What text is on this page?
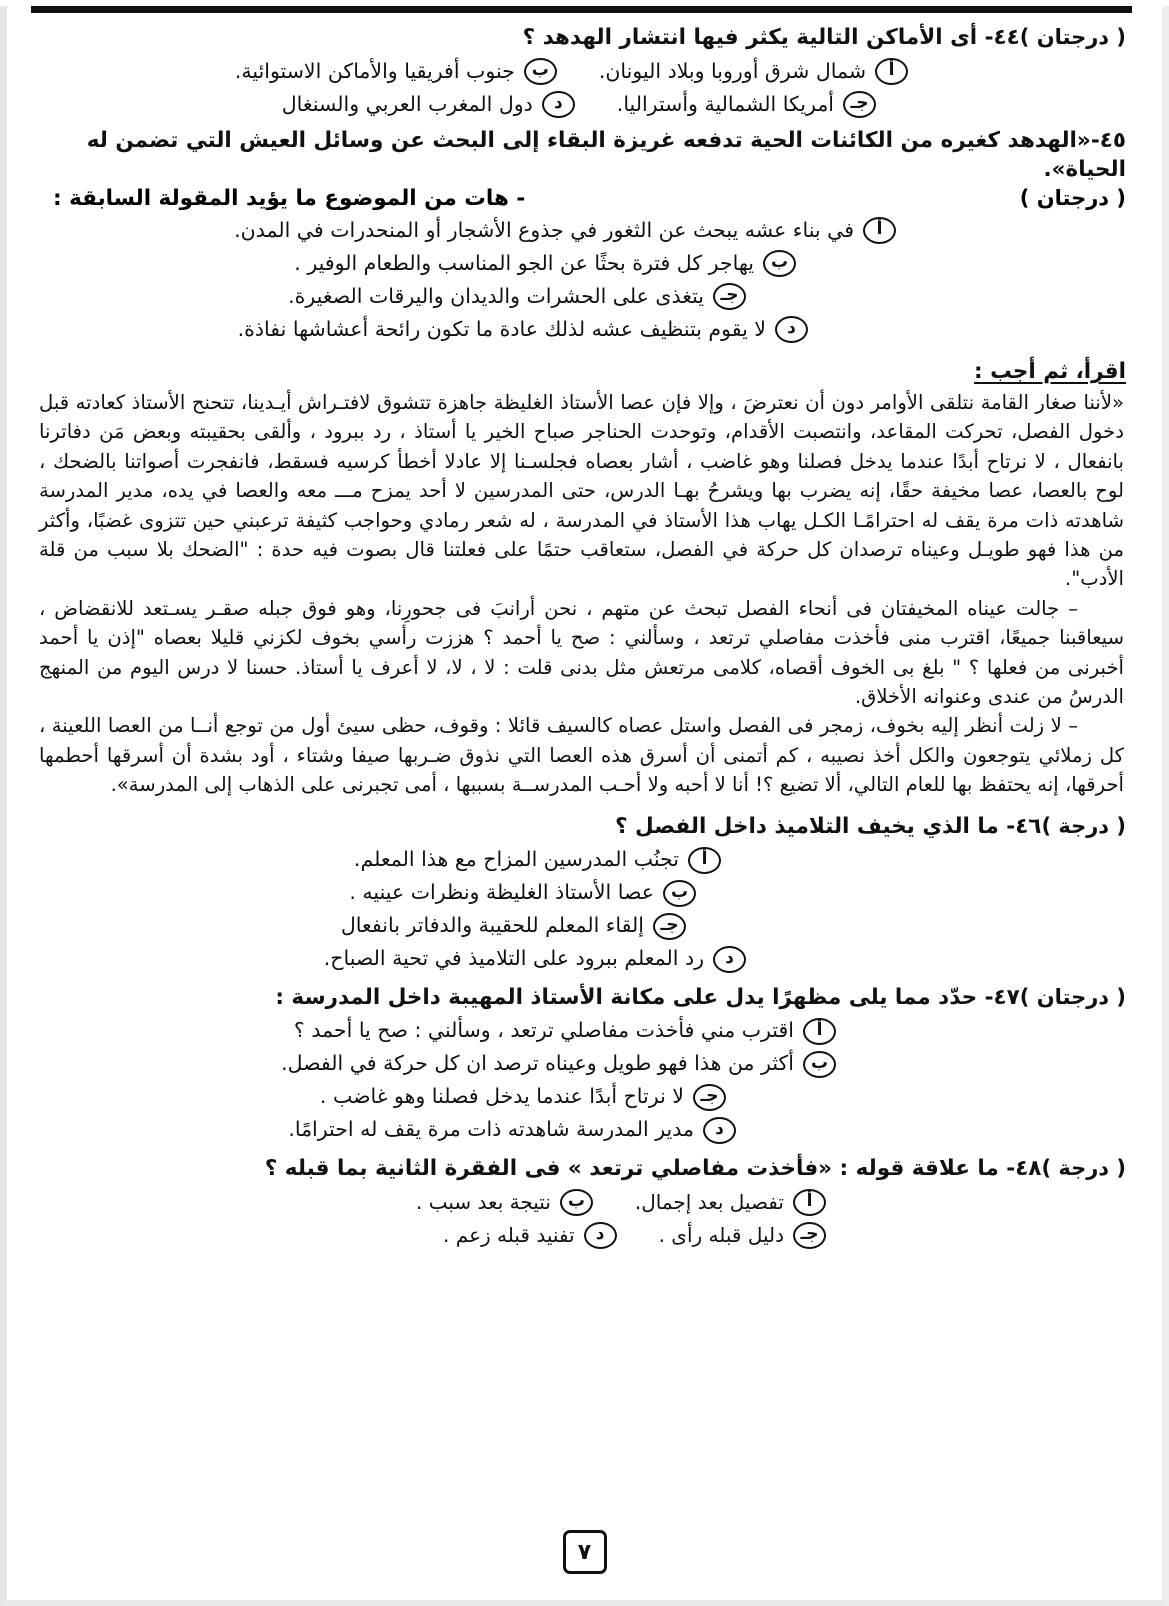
٤٤- أى الأماكن التالية يكثر فيها انتشار الهدهد ؟ ( درجتان )
أ
شمال شرق أوروبا وبلاد اليونان.
ب
جنوب أفريقيا والأماكن الاستوائية.
جـ
أمريكا الشمالية وأستراليا.
د
دول المغرب العربي والسنغال
٤٥-«الهدهد كغيره من الكائنات الحية تدفعه غريزة البقاء إلى البحث عن وسائل العيش التي تضمن له الحياة».
- هات من الموضوع ما يؤيد المقولة السابقة :	( درجتان )
أ
في بناء عشه يبحث عن الثغور في جذوع الأشجار أو المنحدرات في المدن.
ب
يهاجر كل فترة بحثًا عن الجو المناسب والطعام الوفير .
جـ
يتغذى على الحشرات والديدان واليرقات الصغيرة.
د
لا يقوم بتنظيف عشه لذلك عادة ما تكون رائحة أعشاشها نفاذة.
اقرأ، ثم أجب :

«لأننا صغار القامة نتلقى الأوامر دون أن نعترضَ ، وإلا فإن عصا الأستاذ الغليظة جاهزة تتشوق لافتـراش أيـدينا، تتحنح الأستاذ كعادته قبل دخول الفصل، تحركت المقاعد، وانتصبت الأقدام، وتوحدت الحناجر صباح الخير يا أستاذ ، رد ببرود ، وألقى بحقيبته وبعض مَن دفاترنا بانفعال ، لا نرتاح أبدًا عندما يدخل فصلنا وهو غاضب ، أشار بعصاه فجلسـنا إلا عادلا أخطأ كرسيه فسقط، فانفجرت أصواتنا بالضحك ، لوح بالعصا، عصا مخيفة حقًا، إنه يضرب بها ويشرحُ بهـا الدرس، حتى المدرسين لا أحد يمزح مـــ معه والعصا في يده، مدير المدرسة شاهدته ذات مرة يقف له احترامًـا الكـل يهاب هذا الأستاذ في المدرسة ، له شعر رمادي وحواجب كثيفة ترعبني حين تتزوى غضبًا، وأكثر من هذا فهو طويـل وعيناه ترصدان كل حركة في الفصل، ستعاقب حتمًا على فعلتنا قال بصوت فيه حدة : "الضحك بلا سبب من قلة الأدب".

– جالت عيناه المخيفتان فى أنحاء الفصل تبحث عن متهم ، نحن أرانبَ فى جحورِنا، وهو فوق جبله صقـر يسـتعد للانقضاض ، سيعاقبنا جميعًا، اقترب منى فأخذت مفاصلي ترتعد ، وسألني : صح يا أحمد ؟ هززت رأسي بخوف لكزني قليلا بعصاه "إذن يا أحمد أخبرنى من فعلها ؟ " بلغ بى الخوف أقصاه، كلامى مرتعش مثل بدنى قلت : لا ، لا، لا أعرف يا أستاذ. حسنا لا درس اليوم من المنهج الدرسُ من عندى وعنوانه الأخلاق.

– لا زلت أنظر إليه بخوف، زمجر فى الفصل واستل عصاه كالسيف قائلا : وقوف، حظى سيئ أول من توجع أنــا من العصا اللعينة ، كل زملائي يتوجعون والكل أخذ نصيبه ، كم أتمنى أن أسرق هذه العصا التي نذوق ضـربها صيفا وشتاء ، أود بشدة أن أسرقها أحطمها أحرقها، إنه يحتفظ بها للعام التالي، ألا تضيع ؟! أنا لا أحبه ولا أحـب المدرســة بسببها ، أمى تجبرنى على الذهاب إلى المدرسة».

٤٦- ما الذي يخيف التلاميذ داخل الفصل ؟ ( درجة )
أ
تجنُب المدرسين المزاح مع هذا المعلم.
ب
عصا الأستاذ الغليظة ونظرات عينيه .
جـ
إلقاء المعلم للحقيبة والدفاتر بانفعال
د
رد المعلم ببرود على التلاميذ في تحية الصباح.
٤٧- حدّد مما يلى مظهرًا يدل على مكانة الأستاذ المهيبة داخل المدرسة : ( درجتان )
أ
اقترب مني فأخذت مفاصلي ترتعد ، وسألني : صح يا أحمد ؟
ب
أكثر من هذا فهو طويل وعيناه ترصد ان كل حركة في الفصل.
جـ
لا نرتاح أبدًا عندما يدخل فصلنا وهو غاضب .
د
مدير المدرسة شاهدته ذات مرة يقف له احترامًا.
٤٨- ما علاقة قوله : «فأخذت مفاصلي ترتعد » فى الفقرة الثانية بما قبله ؟ ( درجة )
أ
تفصيل بعد إجمال.
ب
نتيجة بعد سبب .
جـ
دليل قبله رأى .
د
تفنيد قبله زعم .
٧
